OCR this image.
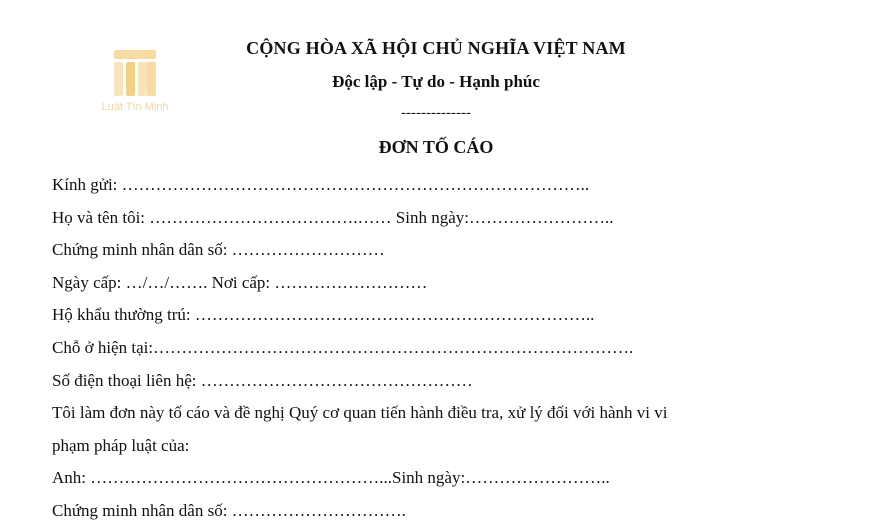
Luật Tín Minh
CỘNG HÒA XÃ HỘI CHỦ NGHĨA VIỆT NAM
Độc lập - Tự do - Hạnh phúc
--------------
ĐƠN TỐ CÁO
Kính gửi: ………………………………………………………………………..
Họ và tên tôi: ……………………………….…… Sinh ngày:……………………..
Chứng minh nhân dân số: ………………………
Ngày cấp: …/…/……. Nơi cấp: ………………………
Hộ khẩu thường trú: ……………………………………………………………..
Chỗ ở hiện tại:………………………………………………………………………….
Số điện thoại liên hệ: …………………………………………
Tôi làm đơn này tố cáo và đề nghị Quý cơ quan tiến hành điều tra, xử lý đối với hành vi vi
phạm pháp luật của:
Anh: ……………………………………………...Sinh ngày:……………………..
Chứng minh nhân dân số: ………………………….
